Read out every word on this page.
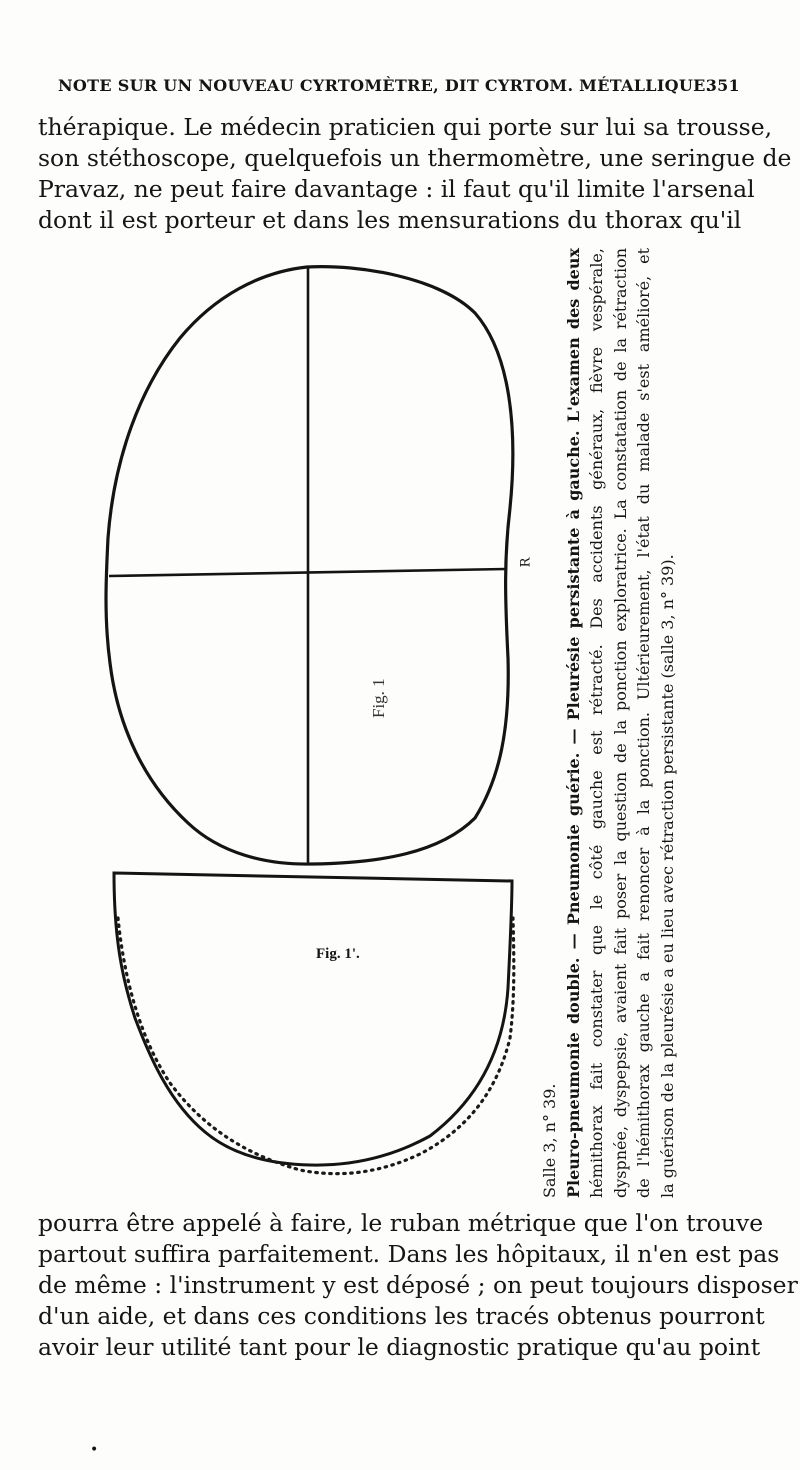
NOTE SUR UN NOUVEAU CYRTOMÈTRE, DIT CYRTOM. MÉTALLIQUE.
351
thérapique. Le médecin praticien qui porte sur lui sa trousse,
son stéthoscope, quelquefois un thermomètre, une seringue de
Pravaz, ne peut faire davantage : il faut qu'il limite l'arsenal
dont il est porteur et dans les mensurations du thorax qu'il
Fig. 1
Fig. 1'.
R
Salle 3, n° 39. Pleuro-pneumonie double. — Pneumonie guérie. — Pleurésie persistante à gauche. L'examen des deux hémithorax fait constater que le côté gauche est rétracté. Des accidents généraux, fièvre vespérale, dyspnée, dyspepsie, avaient fait poser la question de la ponction exploratrice. La constatation de la rétraction de l'hémithorax gauche a fait renoncer à la ponction. Ultérieurement, l'état du malade s'est amélioré, et la guérison de la pleurésie a eu lieu avec rétraction persistante (salle 3, n° 39).
pourra être appelé à faire, le ruban métrique que l'on trouve
partout suffira parfaitement. Dans les hôpitaux, il n'en est pas
de même : l'instrument y est déposé ; on peut toujours disposer
d'un aide, et dans ces conditions les tracés obtenus pourront
avoir leur utilité tant pour le diagnostic pratique qu'au point
•
